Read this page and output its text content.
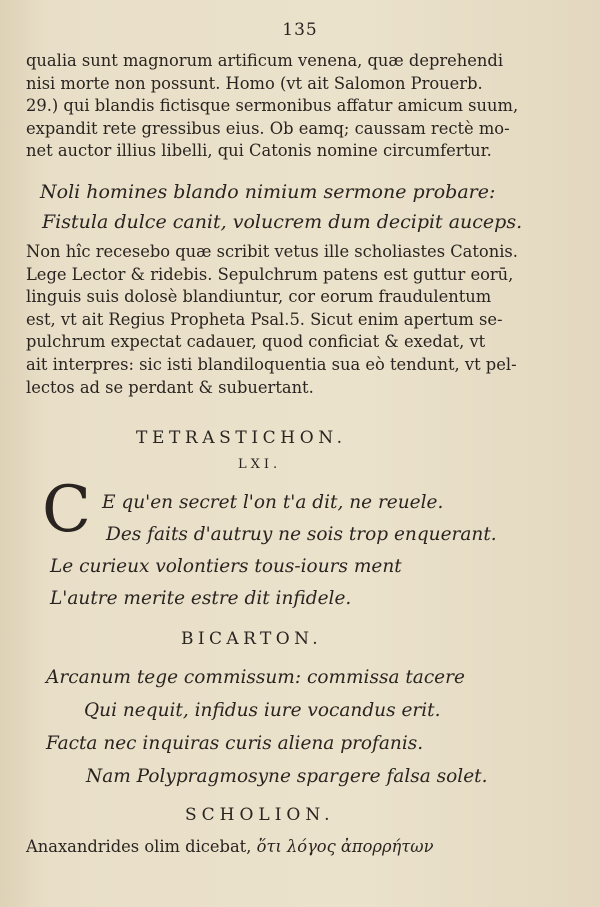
135
qualia sunt magnorum artificum venena, quæ deprehendi
nisi morte non possunt. Homo (vt ait Salomon Prouerb.
29.) qui blandis fictisque sermonibus affatur amicum suum,
expandit rete gressibus eius. Ob eamq; caussam rectè mo-
net auctor illius libelli, qui Catonis nomine circumfertur.
Noli homines blando nimium sermone probare:
Fistula dulce canit, volucrem dum decipit auceps.
Non hîc recesebo quæ scribit vetus ille scholiastes Catonis.
Lege Lector & ridebis. Sepulchrum patens est guttur eorū,
linguis suis dolosè blandiuntur, cor eorum fraudulentum
est, vt ait Regius Propheta Psal.5. Sicut enim apertum se-
pulchrum expectat cadauer, quod conficiat & exedat, vt
ait interpres: sic isti blandiloquentia sua eò tendunt, vt pel-
lectos ad se perdant & subuertant.
TETRASTICHON.
LXI.
C E qu'en secret l'on t'a dit, ne reuele.
Des faits d'autruy ne sois trop enquerant.
Le curieux volontiers tous-iours ment
L'autre merite estre dit infidele.
BICARTON.
Arcanum tege commissum: commissa tacere
Qui nequit, infidus iure vocandus erit.
Facta nec inquiras curis aliena profanis.
Nam Polypragmosyne spargere falsa solet.
SCHOLION.
Anaxandrides olim dicebat, ὅτι λόγος ἀπορρήτων
